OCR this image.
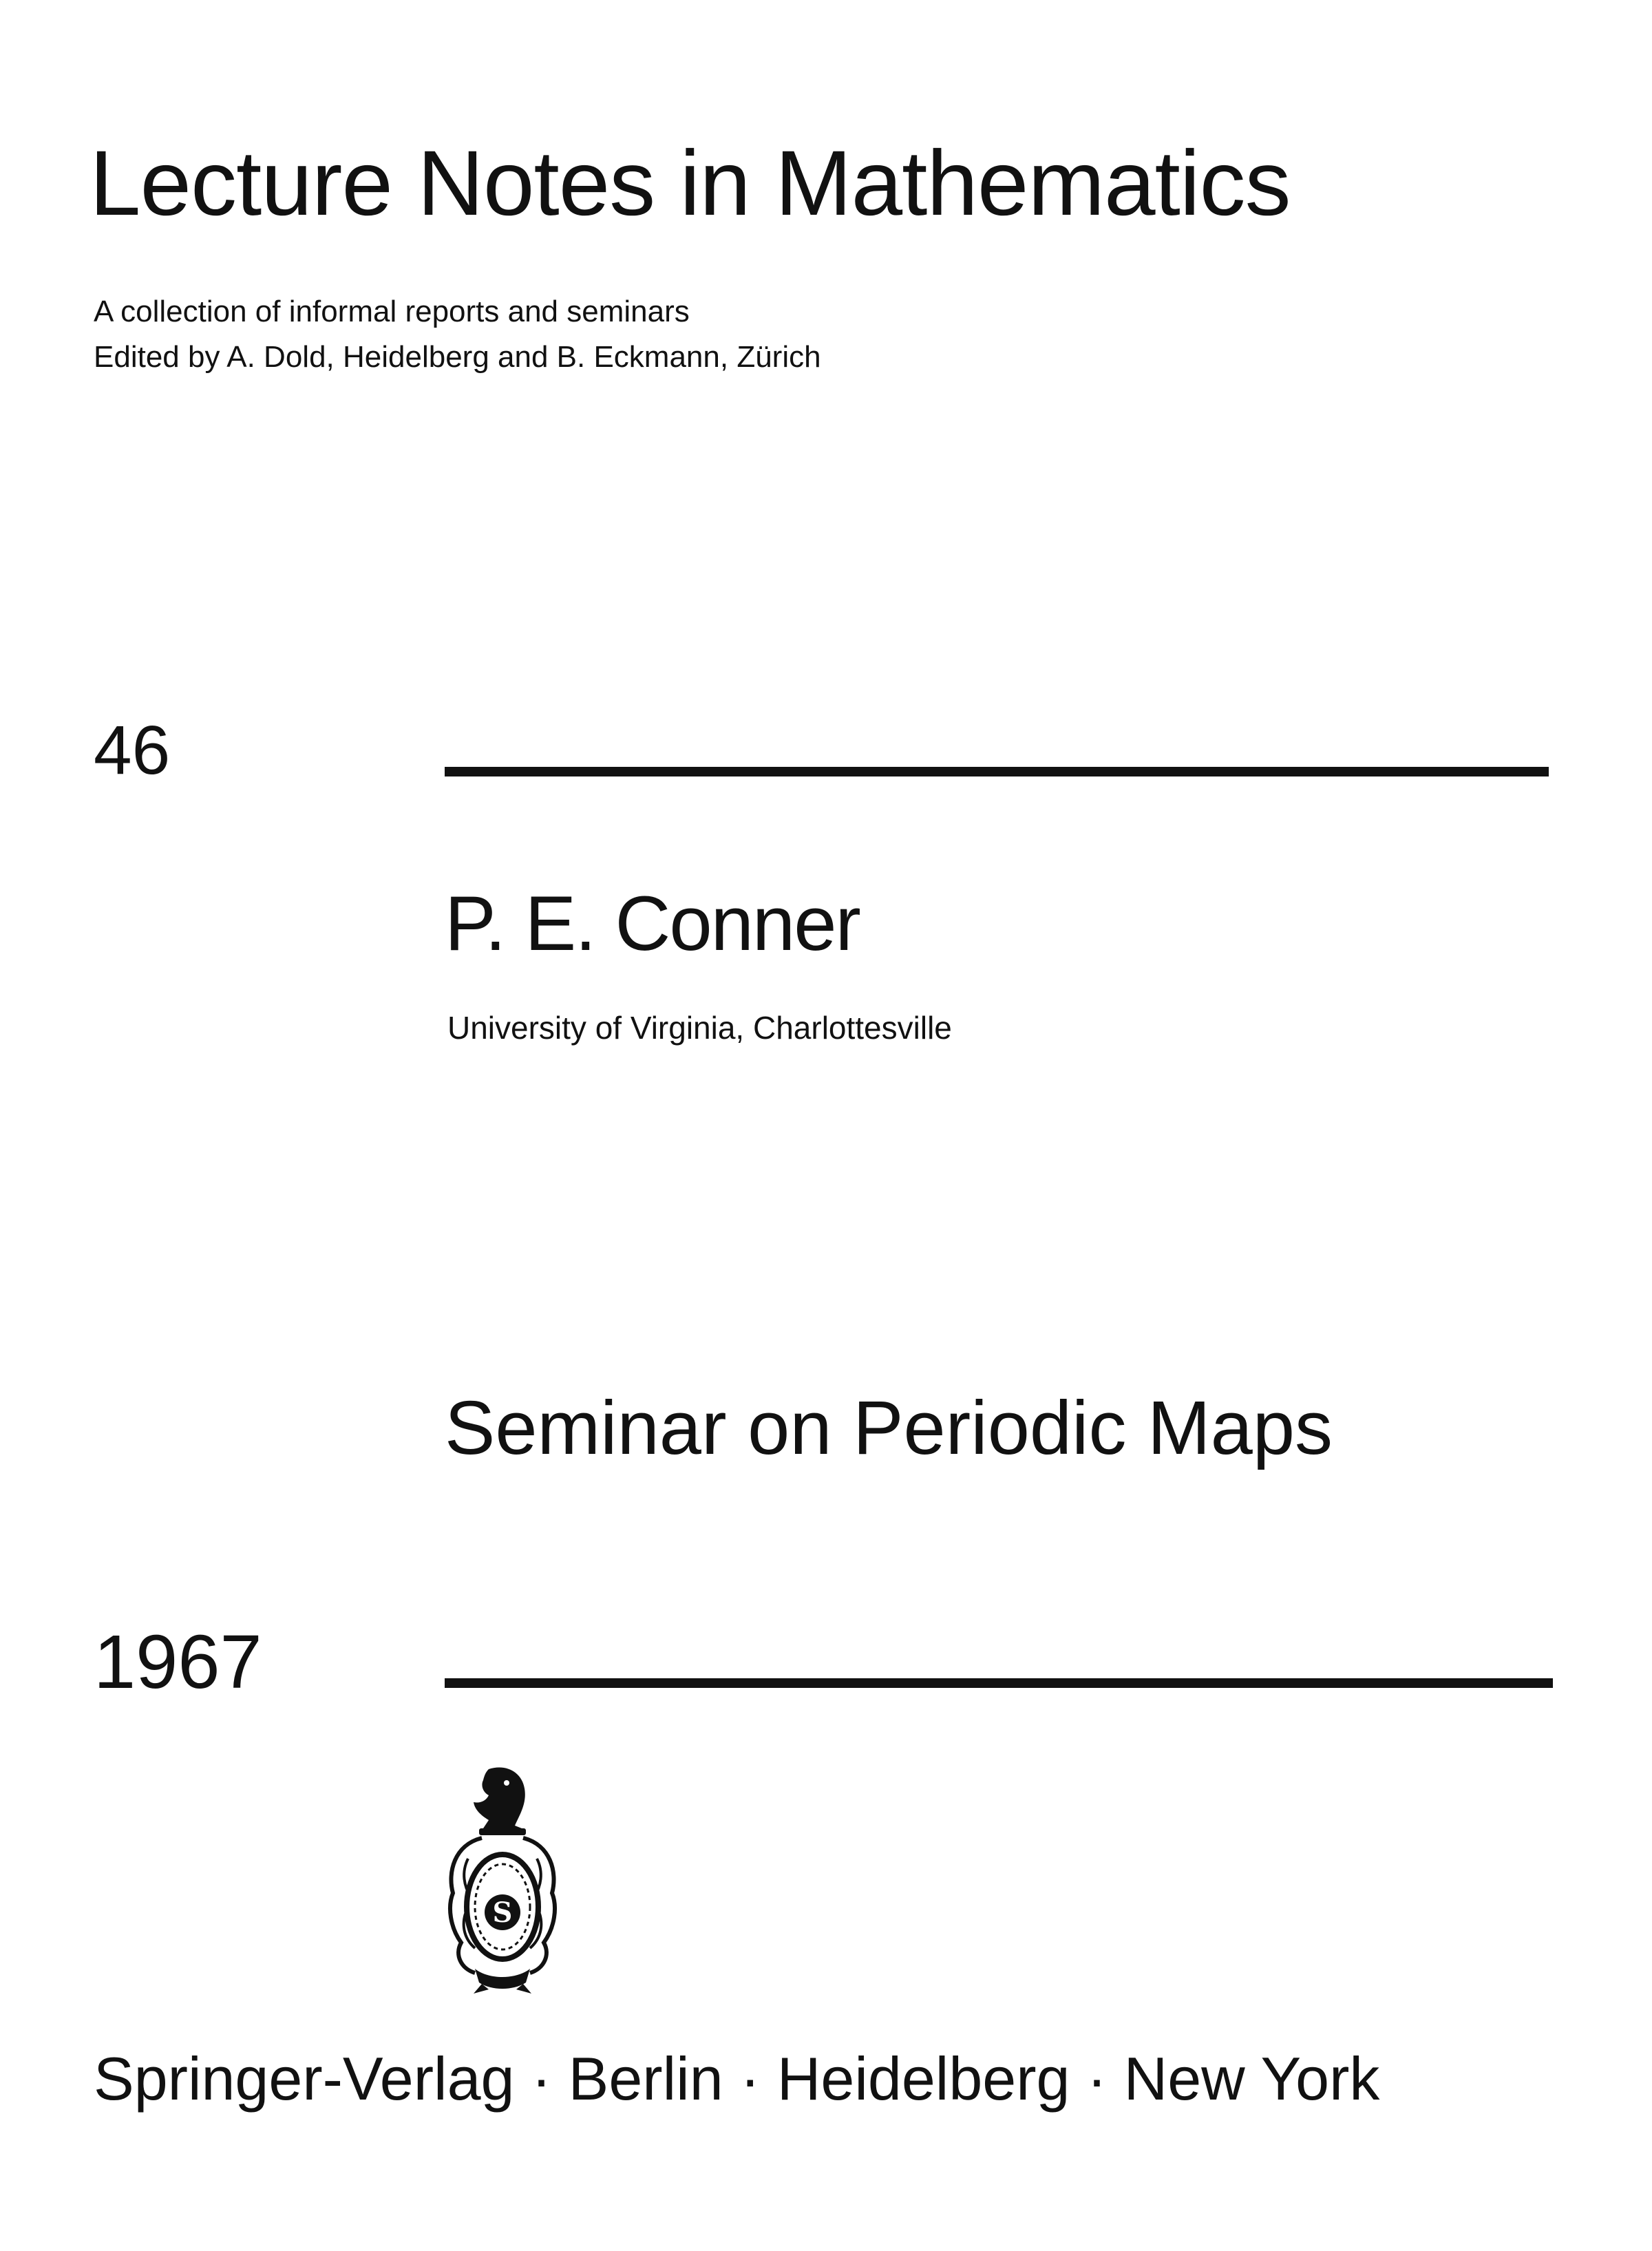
Lecture Notes in Mathematics
A collection of informal reports and seminars
Edited by A. Dold, Heidelberg and B. Eckmann, Zürich
46
P. E. Conner
University of Virginia, Charlottesville
Seminar on Periodic Maps
1967
S
Springer-Verlag · Berlin · Heidelberg · New York
